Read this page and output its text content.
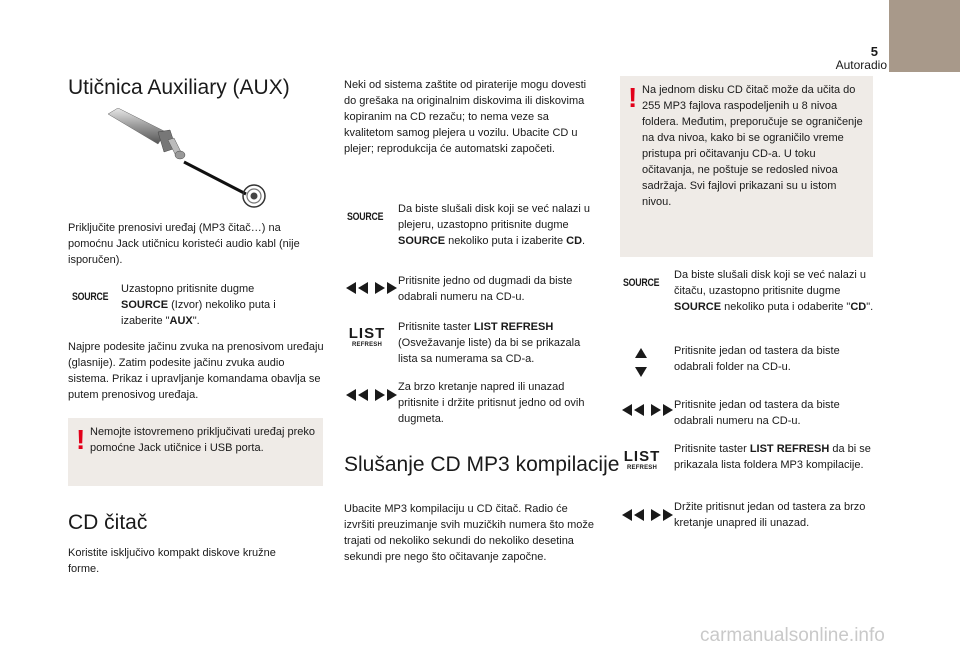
5
Autoradio
Utičnica Auxiliary (AUX)

Priključite prenosivi uređaj (MP3 čitač…) na pomoćnu Jack utičnicu koristeći audio kabl (nije isporučen).

SOURCE

Uzastopno pritisnite dugme
SOURCE (Izvor) nekoliko puta i izaberite "AUX".

Najpre podesite jačinu zvuka na prenosivom uređaju (glasnije). Zatim podesite jačinu zvuka audio sistema. Prikaz i upravljanje komandama obavlja se putem prenosivog uređaja.

! Nemojte istovremeno priključivati uređaj preko pomoćne Jack utičnice i USB porta.

CD čitač

Koristite isključivo kompakt diskove kružne forme.

Neki od sistema zaštite od piraterije mogu dovesti do grešaka na originalnim diskovima ili diskovima kopiranim na CD rezaču; to nema veze sa kvalitetom samog plejera u vozilu. Ubacite CD u plejer; reprodukcija će automatski započeti.

SOURCE

Da biste slušali disk koji se već nalazi u plejeru, uzastopno pritisnite dugme SOURCE nekoliko puta i izaberite CD.

Pritisnite jedno od dugmadi da biste odabrali numeru na CD-u.

LIST
REFRESH

Pritisnite taster LIST REFRESH (Osvežavanje liste) da bi se prikazala lista sa numerama sa CD-a.

Za brzo kretanje napred ili unazad pritisnite i držite pritisnut jedno od ovih dugmeta.

Slušanje CD MP3 kompilacije

Ubacite MP3 kompilaciju u CD čitač. Radio će izvršiti preuzimanje svih muzičkih numera što može trajati od nekoliko sekundi do nekoliko desetina sekundi pre nego što očitavanje započne.

! Na jednom disku CD čitač može da učita do 255 MP3 fajlova raspodeljenih u 8 nivoa foldera. Međutim, preporučuje se ograničenje na dva nivoa, kako bi se ograničilo vreme pristupa pri očitavanju CD-a. U toku očitavanja, ne poštuje se redosled nivoa sadržaja. Svi fajlovi prikazani su u istom nivou.

SOURCE

Da biste slušali disk koji se već nalazi u čitaču, uzastopno pritisnite dugme SOURCE nekoliko puta i odaberite "CD".

Pritisnite jedan od tastera da biste odabrali folder na CD-u.

Pritisnite jedan od tastera da biste odabrali numeru na CD-u.

LIST
REFRESH

Pritisnite taster LIST REFRESH da bi se prikazala lista foldera MP3 kompilacije.

Držite pritisnut jedan od tastera za brzo kretanje unapred ili unazad.

carmanualsonline.info
